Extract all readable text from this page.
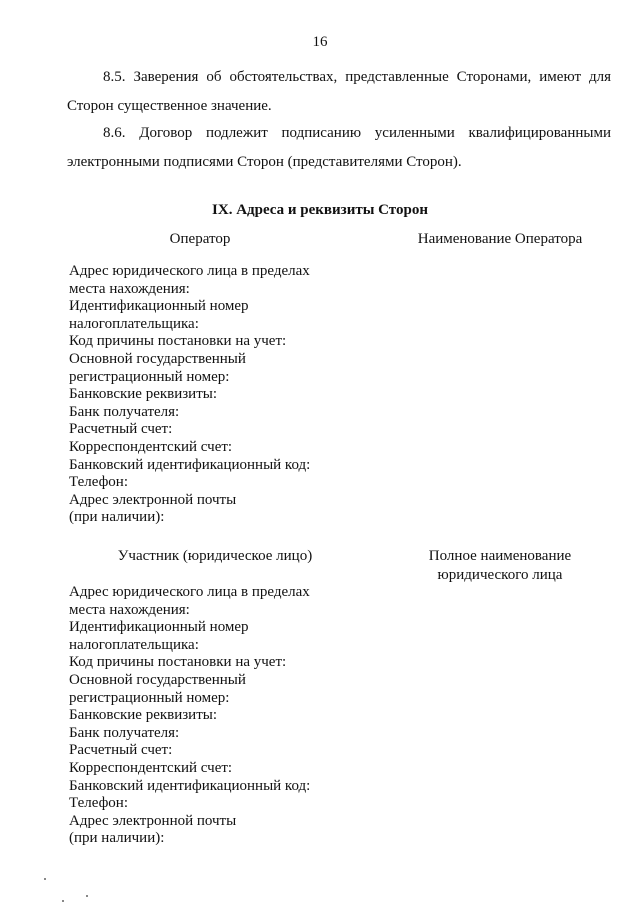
16

8.5. Заверения об обстоятельствах, представленные Сторонами, имеют для Сторон существенное значение.

8.6. Договор подлежит подписанию усиленными квалифицированными электронными подписями Сторон (представителями Сторон).

IX. Адреса и реквизиты Сторон
Оператор	Наименование Оператора
Адрес юридического лица в пределах
места нахождения:
Идентификационный номер
налогоплательщика:
Код причины постановки на учет:
Основной государственный
регистрационный номер:
Банковские реквизиты:
Банк получателя:
Расчетный счет:
Корреспондентский счет:
Банковский идентификационный код:
Телефон:
Адрес электронной почты
(при наличии):
Участник (юридическое лицо)	Полное наименование
юридического лица
Адрес юридического лица в пределах
места нахождения:
Идентификационный номер
налогоплательщика:
Код причины постановки на учет:
Основной государственный
регистрационный номер:
Банковские реквизиты:
Банк получателя:
Расчетный счет:
Корреспондентский счет:
Банковский идентификационный код:
Телефон:
Адрес электронной почты
(при наличии):
